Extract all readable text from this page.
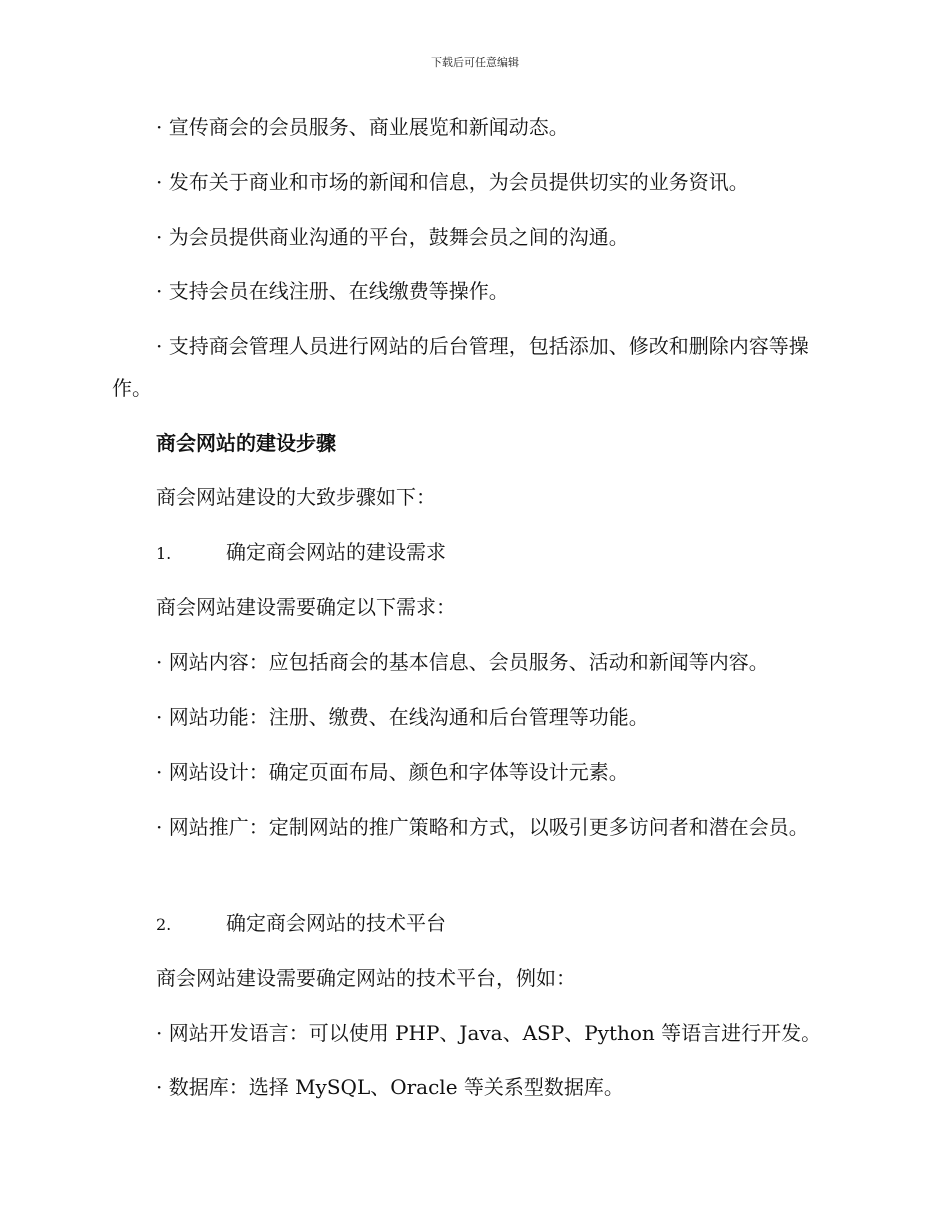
下载后可任意编辑

· 宣传商会的会员服务、商业展览和新闻动态。

· 发布关于商业和市场的新闻和信息，为会员提供切实的业务资讯。

· 为会员提供商业沟通的平台，鼓舞会员之间的沟通。

· 支持会员在线注册、在线缴费等操作。

· 支持商会管理人员进行网站的后台管理，包括添加、修改和删除内容等操作。

商会网站的建设步骤

商会网站建设的大致步骤如下：

1.	确定商会网站的建设需求

商会网站建设需要确定以下需求：

· 网站内容：应包括商会的基本信息、会员服务、活动和新闻等内容。

· 网站功能：注册、缴费、在线沟通和后台管理等功能。

· 网站设计：确定页面布局、颜色和字体等设计元素。

· 网站推广：定制网站的推广策略和方式，以吸引更多访问者和潜在会员。

2.	确定商会网站的技术平台

商会网站建设需要确定网站的技术平台，例如：

· 网站开发语言：可以使用 PHP、Java、ASP、Python 等语言进行开发。

· 数据库：选择 MySQL、Oracle 等关系型数据库。
